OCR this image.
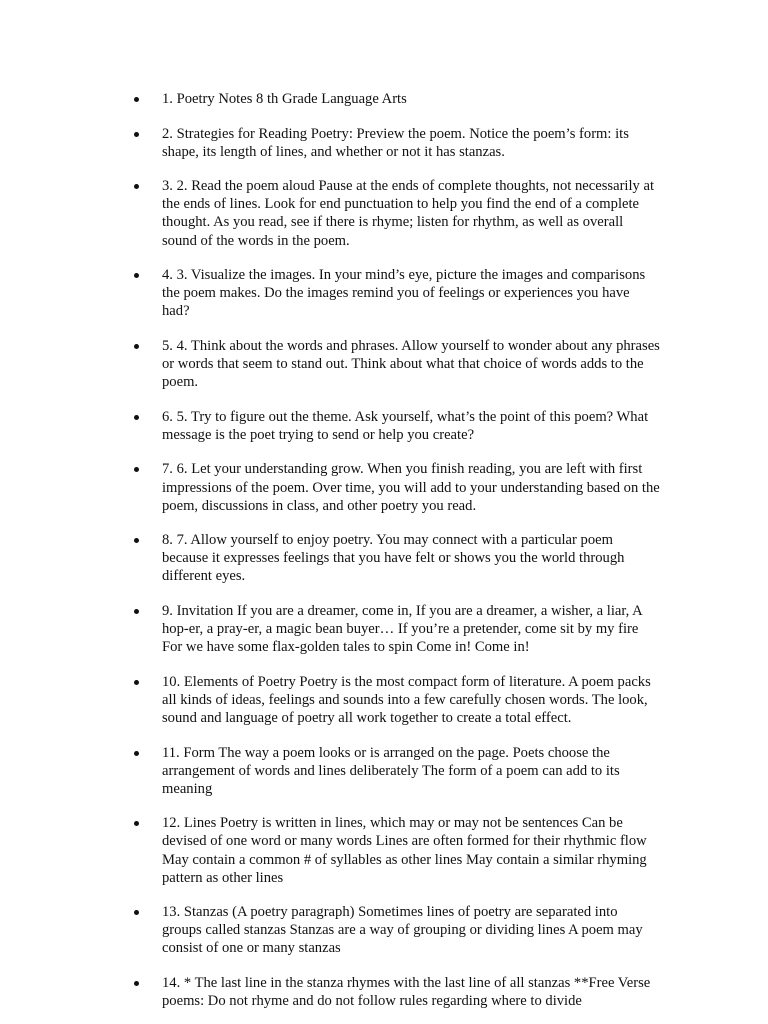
1. Poetry Notes 8 th Grade Language Arts
2. Strategies for Reading Poetry: Preview the poem. Notice the poem’s form: its shape, its length of lines, and whether or not it has stanzas.
3. 2. Read the poem aloud Pause at the ends of complete thoughts, not necessarily at the ends of lines. Look for end punctuation to help you find the end of a complete thought. As you read, see if there is rhyme; listen for rhythm, as well as overall sound of the words in the poem.
4. 3. Visualize the images. In your mind’s eye, picture the images and comparisons the poem makes. Do the images remind you of feelings or experiences you have had?
5. 4. Think about the words and phrases. Allow yourself to wonder about any phrases or words that seem to stand out. Think about what that choice of words adds to the poem.
6. 5. Try to figure out the theme. Ask yourself, what’s the point of this poem? What message is the poet trying to send or help you create?
7. 6. Let your understanding grow. When you finish reading, you are left with first impressions of the poem. Over time, you will add to your understanding based on the poem, discussions in class, and other poetry you read.
8. 7. Allow yourself to enjoy poetry. You may connect with a particular poem because it expresses feelings that you have felt or shows you the world through different eyes.
9. Invitation If you are a dreamer, come in, If you are a dreamer, a wisher, a liar, A hop-er, a pray-er, a magic bean buyer… If you’re a pretender, come sit by my fire For we have some flax-golden tales to spin Come in! Come in!
10. Elements of Poetry Poetry is the most compact form of literature. A poem packs all kinds of ideas, feelings and sounds into a few carefully chosen words. The look, sound and language of poetry all work together to create a total effect.
11. Form The way a poem looks or is arranged on the page. Poets choose the arrangement of words and lines deliberately The form of a poem can add to its meaning
12. Lines Poetry is written in lines, which may or may not be sentences Can be devised of one word or many words Lines are often formed for their rhythmic flow May contain a common # of syllables as other lines May contain a similar rhyming pattern as other lines
13. Stanzas (A poetry paragraph) Sometimes lines of poetry are separated into groups called stanzas Stanzas are a way of grouping or dividing lines A poem may consist of one or many stanzas
14. * The last line in the stanza rhymes with the last line of all stanzas **Free Verse poems: Do not rhyme and do not follow rules regarding where to divide
